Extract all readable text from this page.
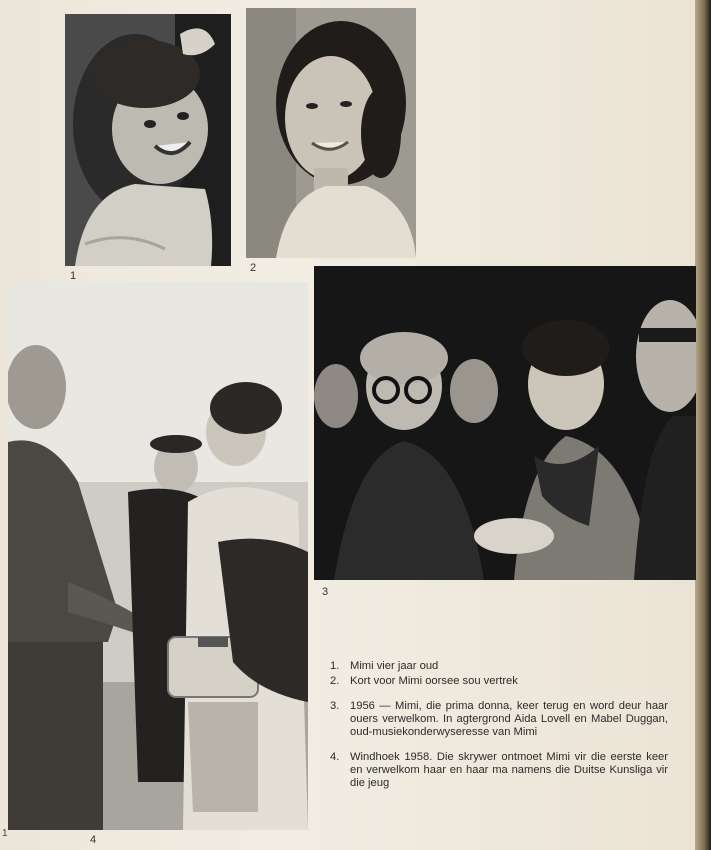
1
2
3
4
1
1. Mimi vier jaar oud
2. Kort voor Mimi oorsee sou vertrek
3. 1956 — Mimi, die prima donna, keer terug en word deur haar ouers verwelkom. In agtergrond Aida Lovell en Mabel Duggan, oud-musiekonderwyseresse van Mimi
4. Windhoek 1958. Die skrywer ontmoet Mimi vir die eerste keer en verwelkom haar en haar ma namens die Duitse Kunsliga vir die jeug
